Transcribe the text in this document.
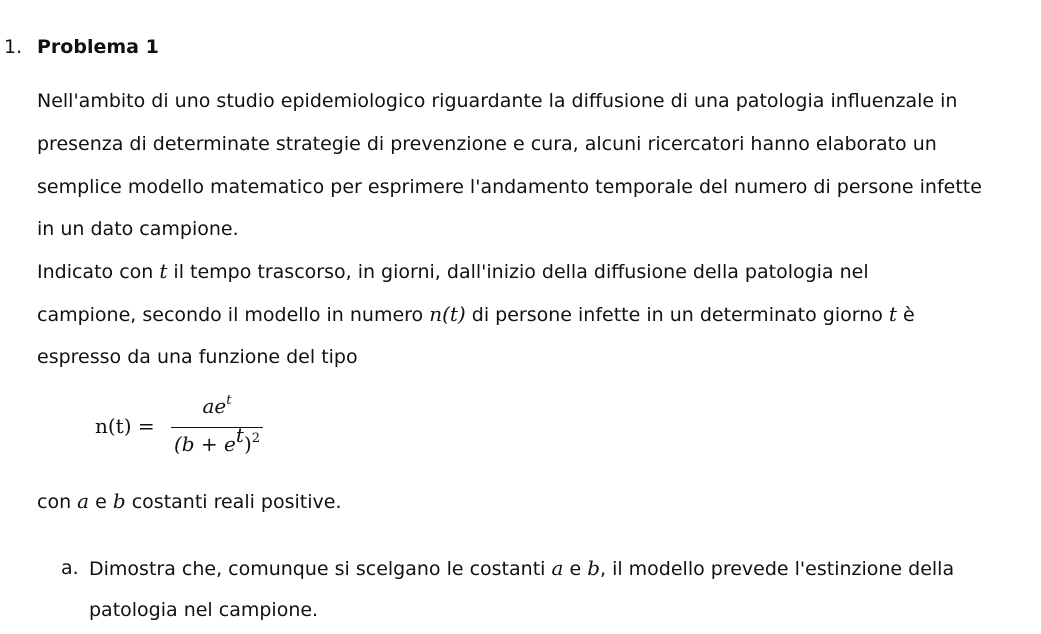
1. Problema 1
Nell'ambito di uno studio epidemiologico riguardante la diffusione di una patologia influenzale in
presenza di determinate strategie di prevenzione e cura, alcuni ricercatori hanno elaborato un
semplice modello matematico per esprimere l'andamento temporale del numero di persone infette
in un dato campione.
Indicato con t il tempo trascorso, in giorni, dall'inizio della diffusione della patologia nel
campione, secondo il modello in numero n(t) di persone infette in un determinato giorno t è
espresso da una funzione del tipo
n(t) =
$ae^t$
$(b + e^t)^2$
con a e b costanti reali positive.
a. Dimostra che, comunque si scelgano le costanti a e b, il modello prevede l'estinzione della
patologia nel campione.
